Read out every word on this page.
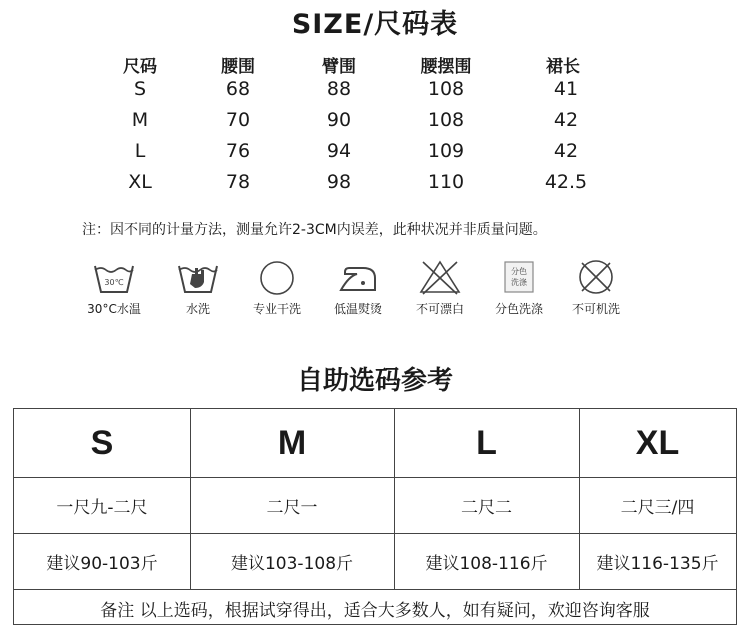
SIZE/尺码表
尺码	腰围	臂围	腰摆围	裙长
S	68	88	108	41
M	70	90	108	42
L	76	94	109	42
XL	78	98	110	42.5
注：因不同的计量方法，测量允许2-3CM内误差，此种状况并非质量问题。
30℃
30°C水温	水洗	专业干洗	低温熨烫	不可漂白
分色
洗涤
分色洗涤	不可机洗
自助选码参考
S	M	L	XL
一尺九-二尺	二尺一	二尺二	二尺三/四
建议90-103斤	建议103-108斤	建议108-116斤	建议116-135斤
备注 以上选码，根据试穿得出，适合大多数人，如有疑问，欢迎咨询客服
